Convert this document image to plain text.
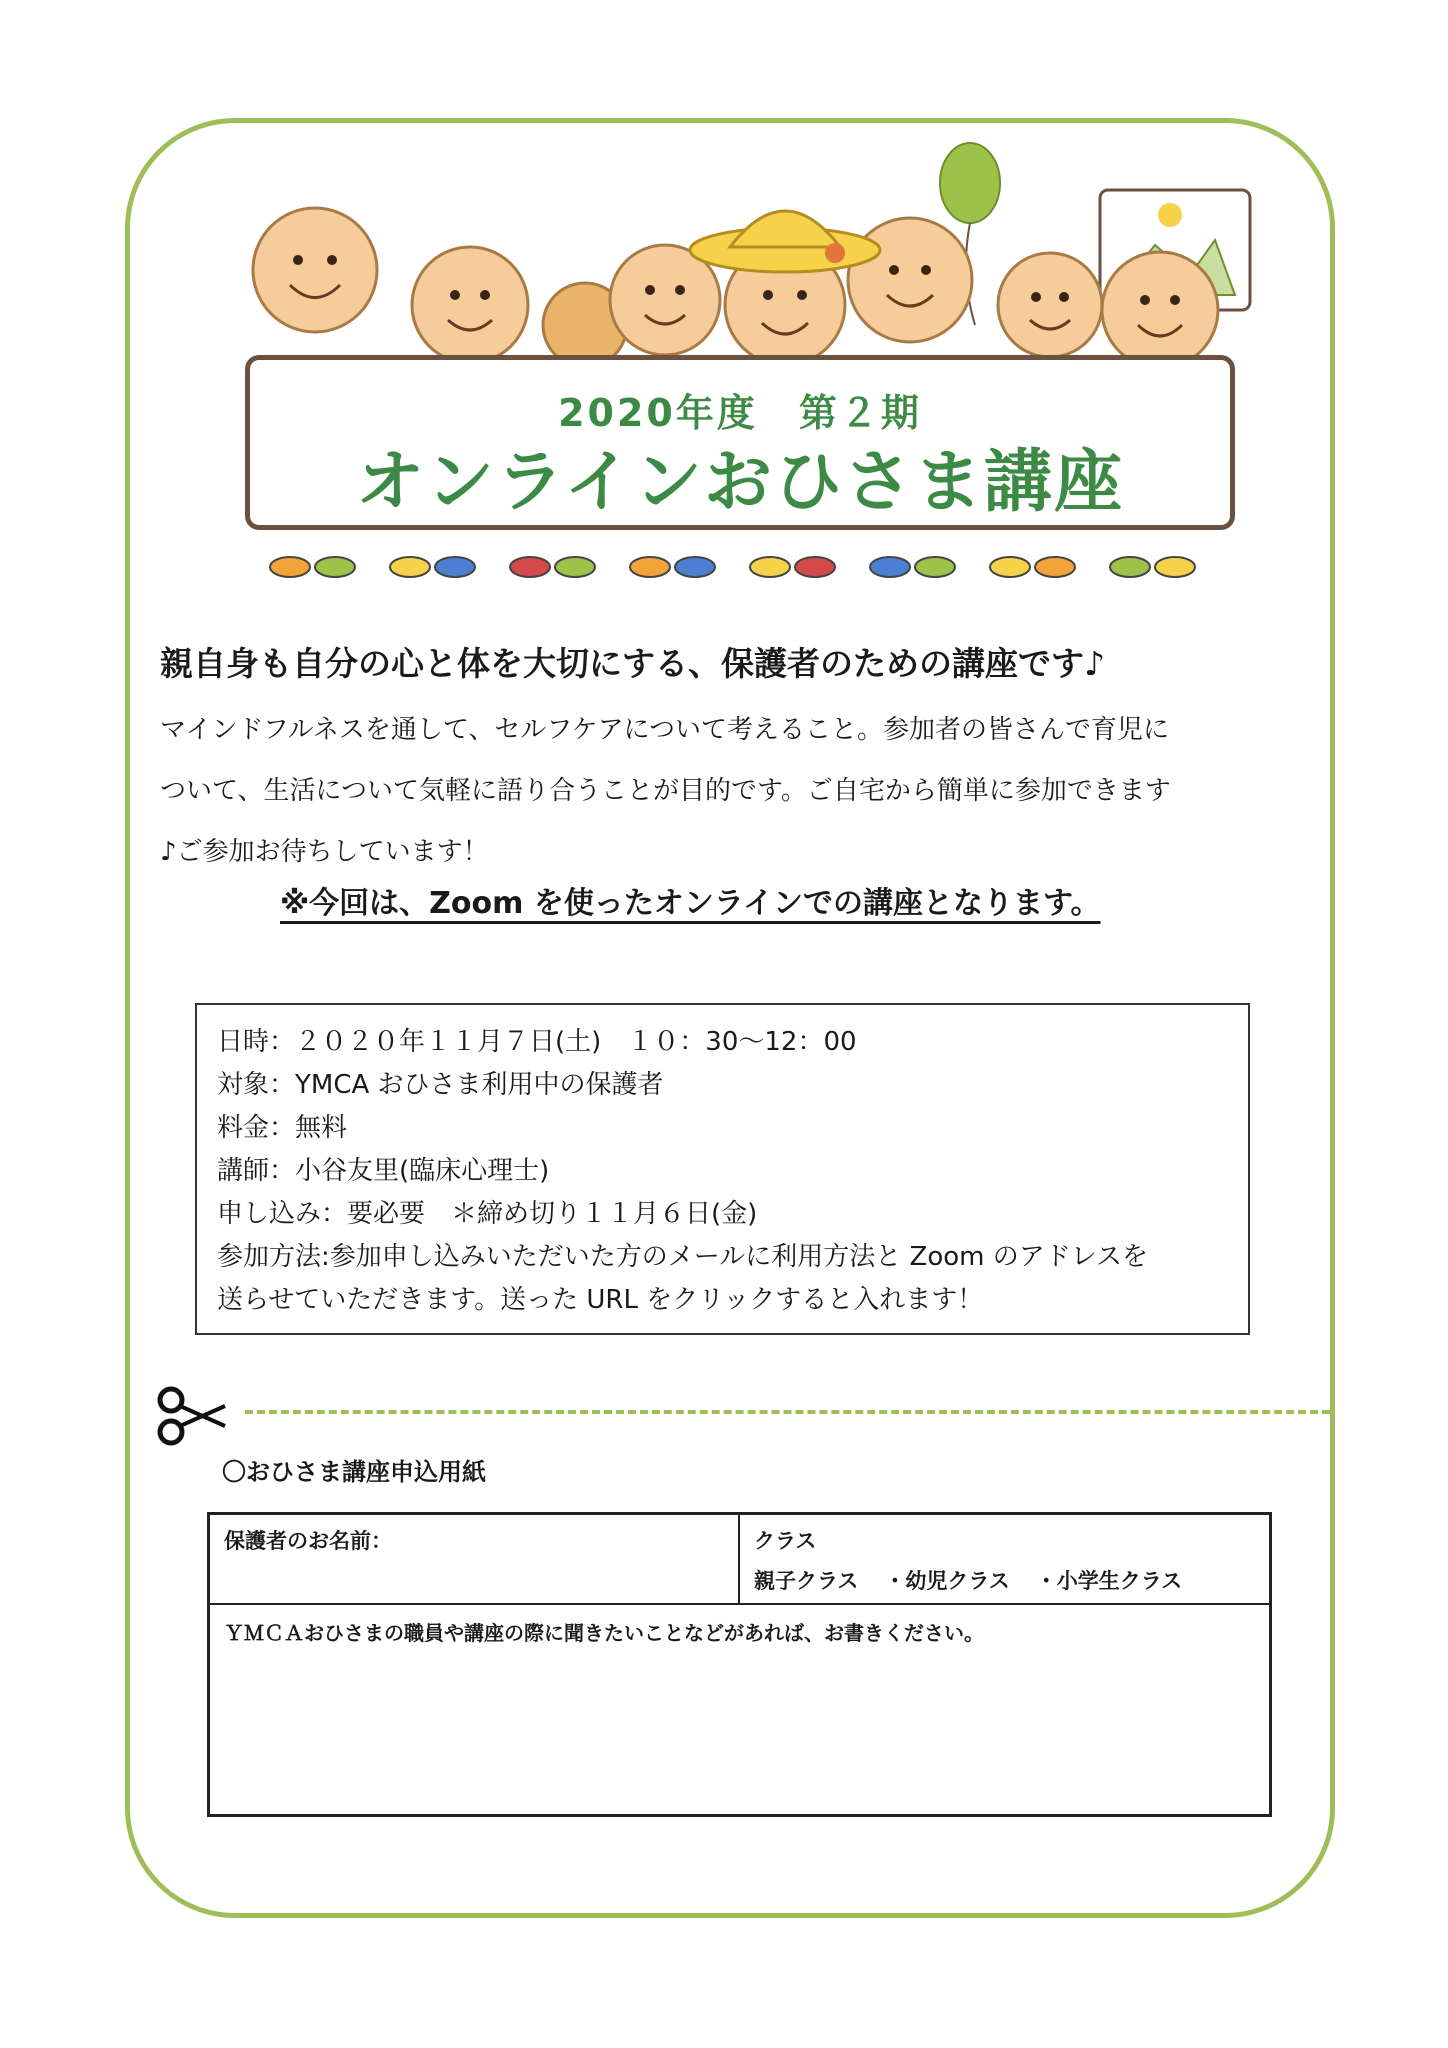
2020年度　第２期
オンラインおひさま講座
親自身も自分の心と体を大切にする、保護者のための講座です♪
マインドフルネスを通して、セルフケアについて考えること。参加者の皆さんで育児に
ついて、生活について気軽に語り合うことが目的です。ご自宅から簡単に参加できます
♪ご参加お待ちしています！
※今回は、Zoom を使ったオンラインでの講座となります。
日時：２０２０年１１月７日(土)　１０：30〜12：00
対象：YMCA おひさま利用中の保護者
料金：無料
講師：小谷友里(臨床心理士)
申し込み：要必要　＊締め切り１１月６日(金)
参加方法:参加申し込みいただいた方のメールに利用方法と Zoom のアドレスを
送らせていただきます。送った URL をクリックすると入れます！
〇おひさま講座申込用紙
保護者のお名前：	クラス
親子クラス ・幼児クラス ・小学生クラス
ＹＭＣＡおひさまの職員や講座の際に聞きたいことなどがあれば、お書きください。
